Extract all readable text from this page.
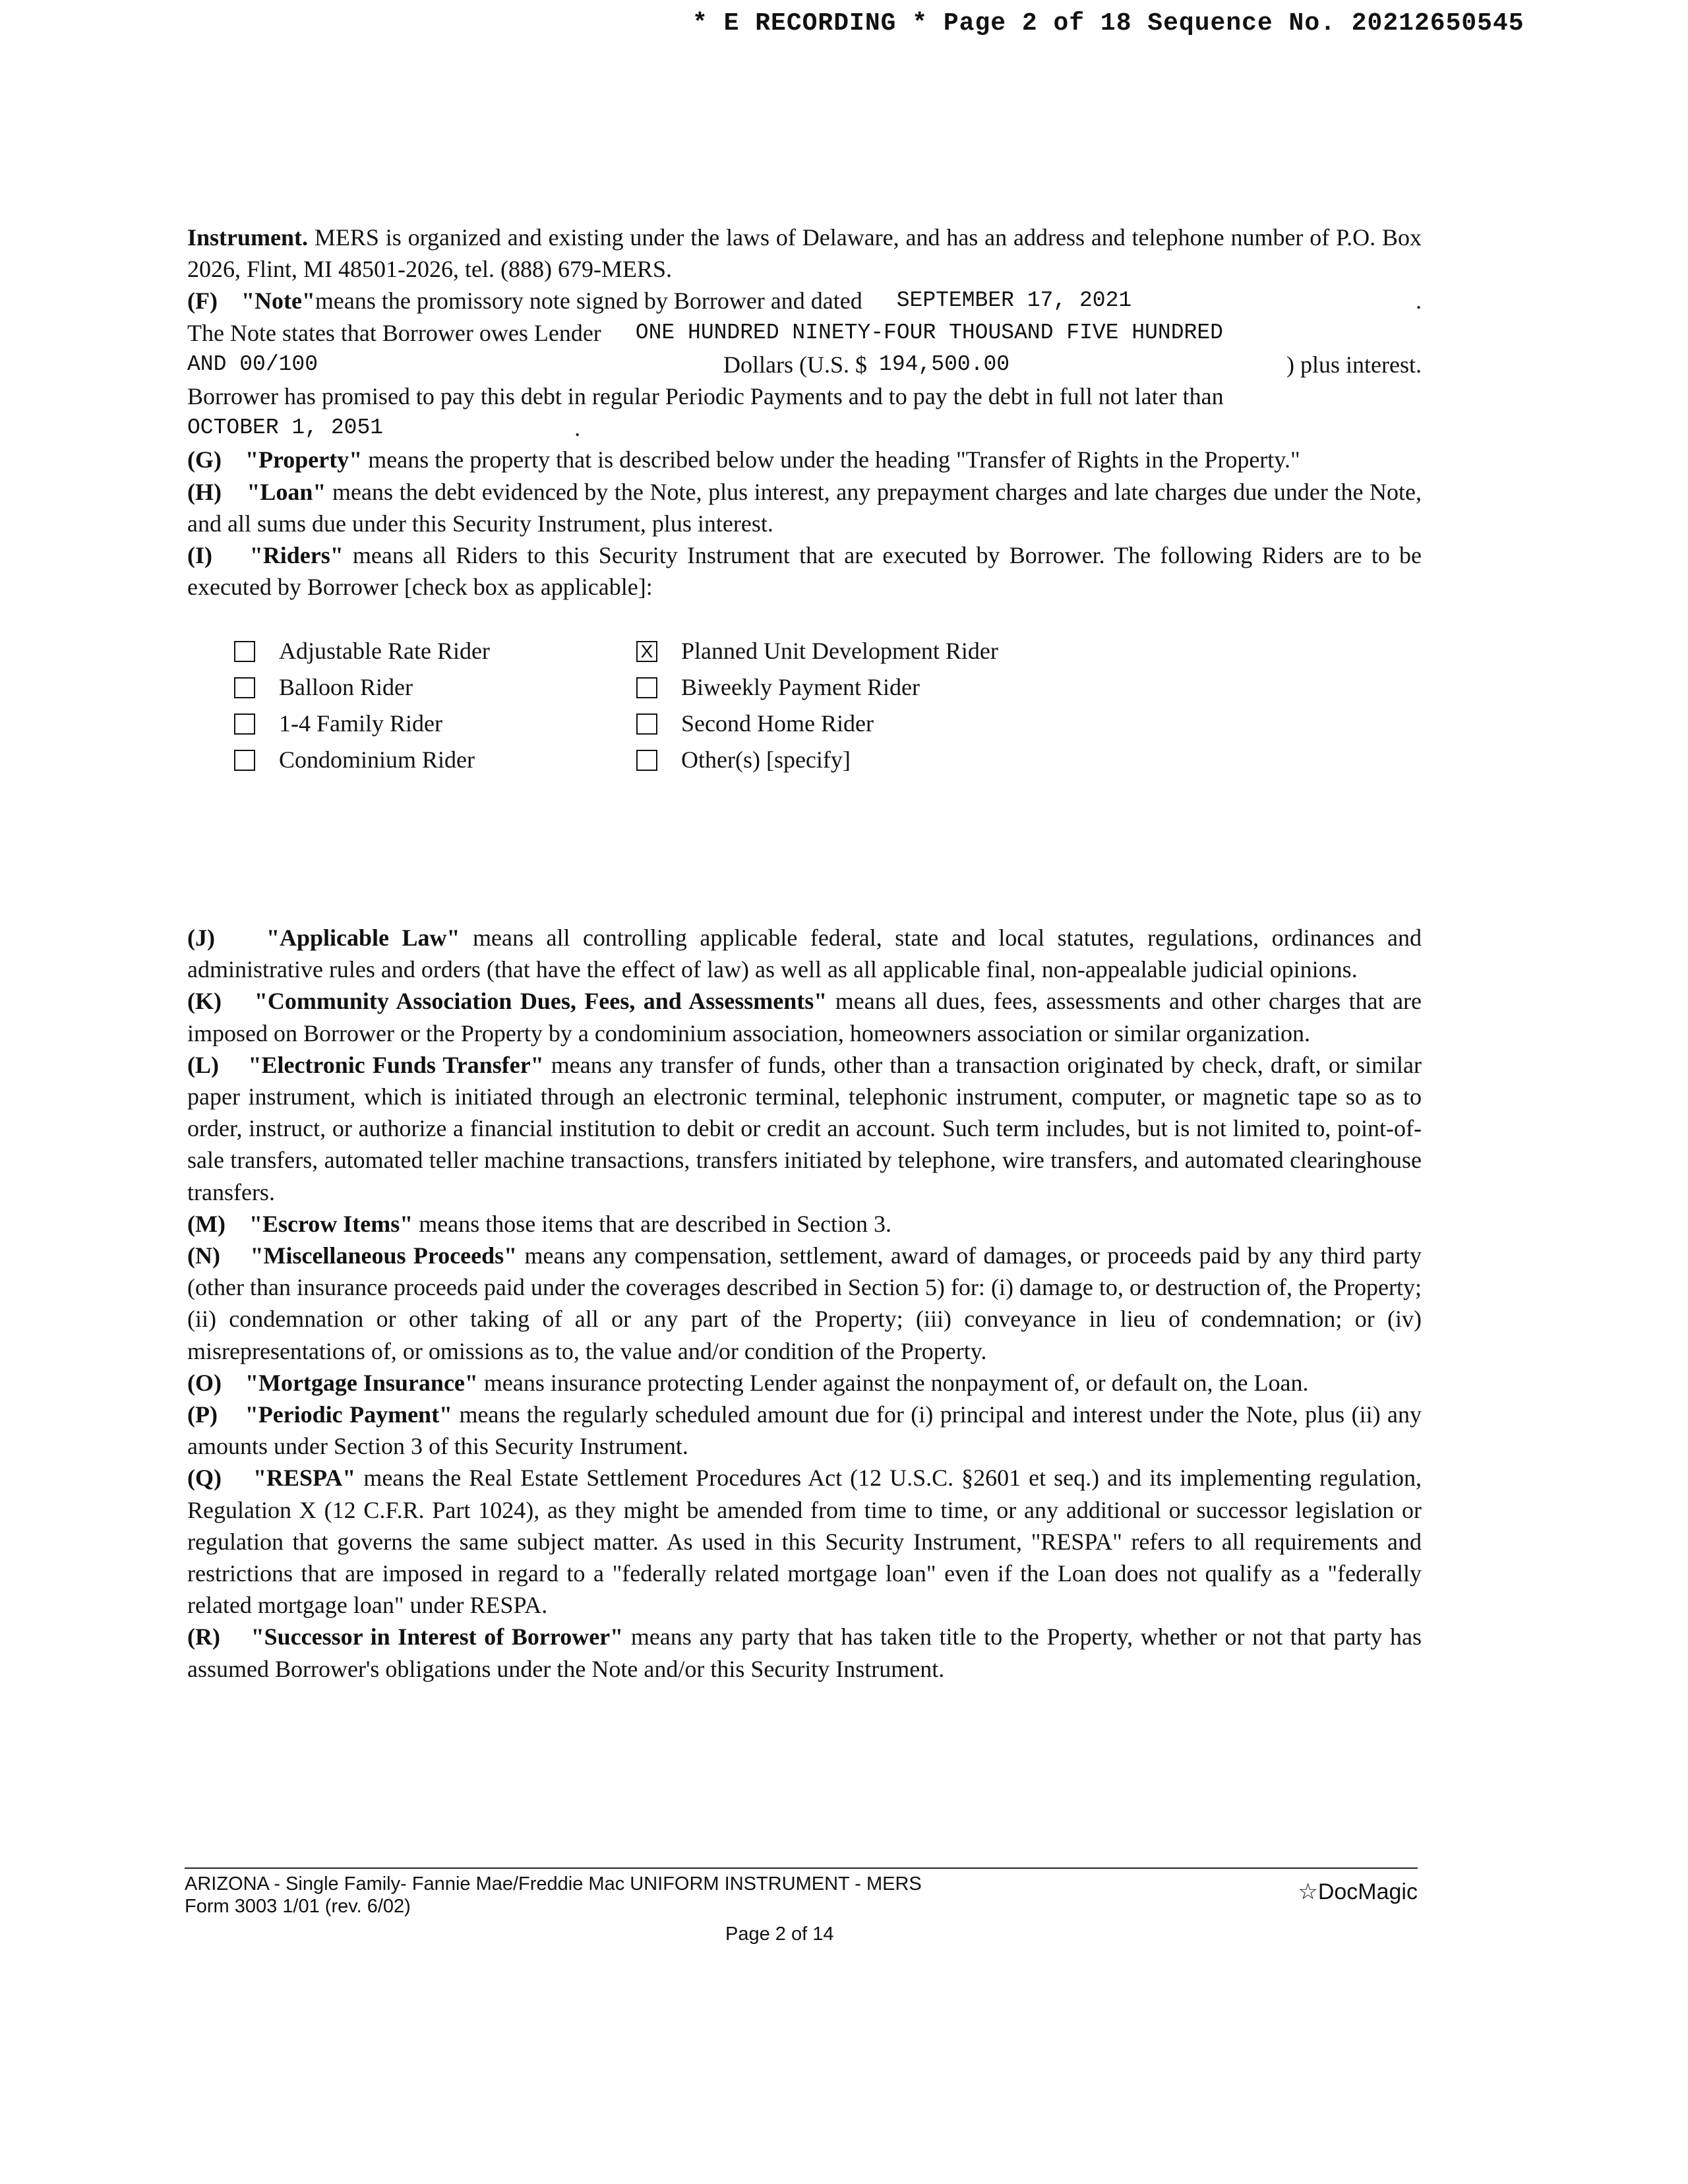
* E RECORDING * Page 2 of 18 Sequence No. 20212650545

Instrument. MERS is organized and existing under the laws of Delaware, and has an address and telephone number of P.O. Box 2026, Flint, MI 48501-2026, tel. (888) 679-MERS.

(F)
"Note" means the promissory note signed by Borrower and dated SEPTEMBER 17, 2021	.
The Note states that Borrower owes Lender ONE HUNDRED NINETY-FOUR THOUSAND FIVE HUNDRED
AND 00/100	Dollars (U.S. $
194,500.00	) plus interest.

Borrower has promised to pay this debt in regular Periodic Payments and to pay the debt in full not later than

OCTOBER 1, 2051	.

(G) "Property" means the property that is described below under the heading "Transfer of Rights in the Property."

(H) "Loan" means the debt evidenced by the Note, plus interest, any prepayment charges and late charges due under the Note, and all sums due under this Security Instrument, plus interest.

(I) "Riders" means all Riders to this Security Instrument that are executed by Borrower. The following Riders are to be executed by Borrower [check box as applicable]:

Adjustable Rate Rider	X Planned Unit Development Rider
Balloon Rider	Biweekly Payment Rider
1-4 Family Rider	Second Home Rider
Condominium Rider	Other(s) [specify]

(J) "Applicable Law" means all controlling applicable federal, state and local statutes, regulations, ordinances and administrative rules and orders (that have the effect of law) as well as all applicable final, non-appealable judicial opinions.

(K) "Community Association Dues, Fees, and Assessments" means all dues, fees, assessments and other charges that are imposed on Borrower or the Property by a condominium association, homeowners association or similar organization.

(L) "Electronic Funds Transfer" means any transfer of funds, other than a transaction originated by check, draft, or similar paper instrument, which is initiated through an electronic terminal, telephonic instrument, computer, or magnetic tape so as to order, instruct, or authorize a financial institution to debit or credit an account. Such term includes, but is not limited to, point-of-sale transfers, automated teller machine transactions, transfers initiated by telephone, wire transfers, and automated clearinghouse transfers.

(M) "Escrow Items" means those items that are described in Section 3.

(N) "Miscellaneous Proceeds" means any compensation, settlement, award of damages, or proceeds paid by any third party (other than insurance proceeds paid under the coverages described in Section 5) for: (i) damage to, or destruction of, the Property; (ii) condemnation or other taking of all or any part of the Property; (iii) conveyance in lieu of condemnation; or (iv) misrepresentations of, or omissions as to, the value and/or condition of the Property.

(O) "Mortgage Insurance" means insurance protecting Lender against the nonpayment of, or default on, the Loan.

(P) "Periodic Payment" means the regularly scheduled amount due for (i) principal and interest under the Note, plus (ii) any amounts under Section 3 of this Security Instrument.

(Q) "RESPA" means the Real Estate Settlement Procedures Act (12 U.S.C. §2601 et seq.) and its implementing regulation, Regulation X (12 C.F.R. Part 1024), as they might be amended from time to time, or any additional or successor legislation or regulation that governs the same subject matter. As used in this Security Instrument, "RESPA" refers to all requirements and restrictions that are imposed in regard to a "federally related mortgage loan" even if the Loan does not qualify as a "federally related mortgage loan" under RESPA.

(R) "Successor in Interest of Borrower" means any party that has taken title to the Property, whether or not that party has assumed Borrower's obligations under the Note and/or this Security Instrument.

ARIZONA - Single Family- Fannie Mae/Freddie Mac UNIFORM INSTRUMENT - MERS
Form 3003 1/01 (rev. 6/02)
☆DocMagic
Page 2 of 14
